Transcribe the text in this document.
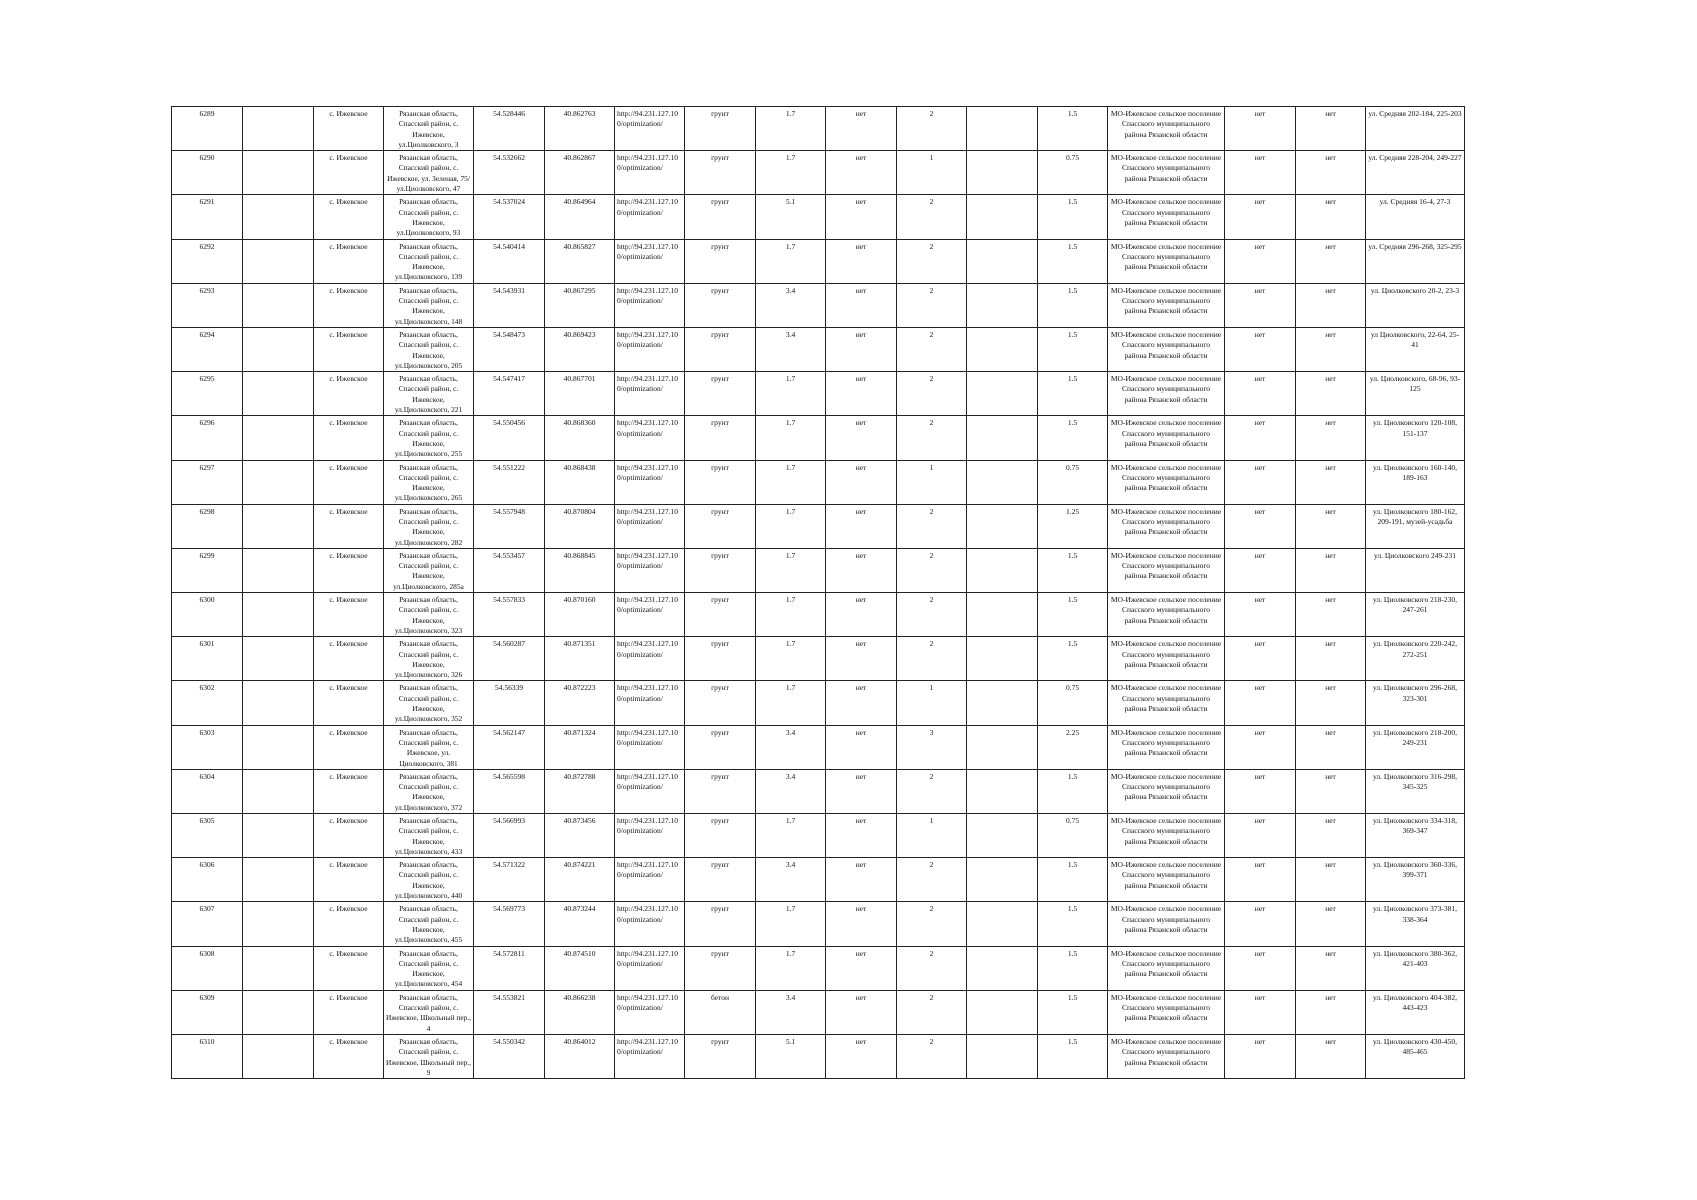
6289		с. Ижевское	Рязанская область, Спасский район, с. Ижевское, ул.Циолковского, 3	54.528446	40.862763	http://94.231.127.10 0/optimization/	грунт	1.7	нет	2		1.5	МО-Ижевское сельское поселение Спасского муниципального района Рязанской области	нет	нет	ул. Средняя 202-184, 225-203
6290		с. Ижевское	Рязанская область, Спасский район, с. Ижевское, ул. Зеленая, 75/ул.Циолковского, 47	54.532662	40.862867	http://94.231.127.10 0/optimization/	грунт	1.7	нет	1		0.75	МО-Ижевское сельское поселение Спасского муниципального района Рязанской области	нет	нет	ул. Средняя 228-204, 249-227
6291		с. Ижевское	Рязанская область, Спасский район, с. Ижевское, ул.Циолковского, 93	54.537024	40.864964	http://94.231.127.10 0/optimization/	грунт	5.1	нет	2		1.5	МО-Ижевское сельское поселение Спасского муниципального района Рязанской области	нет	нет	ул. Средняя 16-4, 27-3
6292		с. Ижевское	Рязанская область, Спасский район, с. Ижевское, ул.Циолковского, 139	54.540414	40.865827	http://94.231.127.10 0/optimization/	грунт	1.7	нет	2		1.5	МО-Ижевское сельское поселение Спасского муниципального района Рязанской области	нет	нет	ул. Средняя 296-268, 325-295
6293		с. Ижевское	Рязанская область, Спасский район, с. Ижевское, ул.Циолковского, 148	54.543931	40.867295	http://94.231.127.10 0/optimization/	грунт	3.4	нет	2		1.5	МО-Ижевское сельское поселение Спасского муниципального района Рязанской области	нет	нет	ул. Циолковского 20-2, 23-3
6294		с. Ижевское	Рязанская область, Спасский район, с. Ижевское, ул.Циолковского, 205	54.548473	40.869423	http://94.231.127.10 0/optimization/	грунт	3.4	нет	2		1.5	МО-Ижевское сельское поселение Спасского муниципального района Рязанской области	нет	нет	ул Циолковского, 22-64, 25-41
6295		с. Ижевское	Рязанская область, Спасский район, с. Ижевское, ул.Циолковского, 221	54.547417	40.867701	http://94.231.127.10 0/optimization/	грунт	1.7	нет	2		1.5	МО-Ижевское сельское поселение Спасского муниципального района Рязанской области	нет	нет	ул. Циолковского, 68-96, 93-125
6296		с. Ижевское	Рязанская область, Спасский район, с. Ижевское, ул.Циолковского, 255	54.550456	40.868360	http://94.231.127.10 0/optimization/	грунт	1.7	нет	2		1.5	МО-Ижевское сельское поселение Спасского муниципального района Рязанской области	нет	нет	ул. Циолковского 120-108, 151-137
6297		с. Ижевское	Рязанская область, Спасский район, с. Ижевское, ул.Циолковского, 265	54.551222	40.868438	http://94.231.127.10 0/optimization/	грунт	1.7	нет	1		0.75	МО-Ижевское сельское поселение Спасского муниципального района Рязанской области	нет	нет	ул. Циолковского 160-140, 189-163
6298		с. Ижевское	Рязанская область, Спасский район, с. Ижевское, ул.Циолковского, 282	54.557948	40.870804	http://94.231.127.10 0/optimization/	грунт	1.7	нет	2		1.25	МО-Ижевское сельское поселение Спасского муниципального района Рязанской области	нет	нет	ул. Циолковского 180-162, 209-191, музей-усадьба
6299		с. Ижевское	Рязанская область, Спасский район, с. Ижевское, ул.Циолковского, 285а	54.553457	40.868845	http://94.231.127.10 0/optimization/	грунт	1.7	нет	2		1.5	МО-Ижевское сельское поселение Спасского муниципального района Рязанской области	нет	нет	ул. Циолковского 249-231
6300		с. Ижевское	Рязанская область, Спасский район, с. Ижевское, ул.Циолковского, 323	54.557833	40.870160	http://94.231.127.10 0/optimization/	грунт	1.7	нет	2		1.5	МО-Ижевское сельское поселение Спасского муниципального района Рязанской области	нет	нет	ул. Циолковского 218-230, 247-261
6301		с. Ижевское	Рязанская область, Спасский район, с. Ижевское, ул.Циолковского, 326	54.560287	40.871351	http://94.231.127.10 0/optimization/	грунт	1.7	нет	2		1.5	МО-Ижевское сельское поселение Спасского муниципального района Рязанской области	нет	нет	ул. Циолковского 220-242, 272-251
6302		с. Ижевское	Рязанская область, Спасский район, с. Ижевское, ул.Циолковского, 352	54.56339	40.872223	http://94.231.127.10 0/optimization/	грунт	1.7	нет	1		0.75	МО-Ижевское сельское поселение Спасского муниципального района Рязанской области	нет	нет	ул. Циолковского 296-268, 323-301
6303		с. Ижевское	Рязанская область, Спасский район, с. Ижевское, ул. Циолковского, 381	54.562147	40.871324	http://94.231.127.10 0/optimization/	грунт	3.4	нет	3		2.25	МО-Ижевское сельское поселение Спасского муниципального района Рязанской области	нет	нет	ул. Циолковского 218-200, 249-231
6304		с. Ижевское	Рязанская область, Спасский район, с. Ижевское, ул.Циолковского, 372	54.565598	40.872788	http://94.231.127.10 0/optimization/	грунт	3.4	нет	2		1.5	МО-Ижевское сельское поселение Спасского муниципального района Рязанской области	нет	нет	ул. Циолковского 316-298, 345-325
6305		с. Ижевское	Рязанская область, Спасский район, с. Ижевское, ул.Циолковского, 433	54.566993	40.873456	http://94.231.127.10 0/optimization/	грунт	1.7	нет	1		0.75	МО-Ижевское сельское поселение Спасского муниципального района Рязанской области	нет	нет	ул. Циолковского 334-318, 369-347
6306		с. Ижевское	Рязанская область, Спасский район, с. Ижевское, ул.Циолковского, 440	54.571322	40.874221	http://94.231.127.10 0/optimization/	грунт	3.4	нет	2		1.5	МО-Ижевское сельское поселение Спасского муниципального района Рязанской области	нет	нет	ул. Циолковского 360-336, 399-371
6307		с. Ижевское	Рязанская область, Спасский район, с. Ижевское, ул.Циолковского, 455	54.569773	40.873244	http://94.231.127.10 0/optimization/	грунт	1.7	нет	2		1.5	МО-Ижевское сельское поселение Спасского муниципального района Рязанской области	нет	нет	ул. Циолковского 373-381, 338-364
6308		с. Ижевское	Рязанская область, Спасский район, с. Ижевское, ул.Циолковского, 454	54.572811	40.874510	http://94.231.127.10 0/optimization/	грунт	1.7	нет	2		1.5	МО-Ижевское сельское поселение Спасского муниципального района Рязанской области	нет	нет	ул. Циолковского 380-362, 421-403
6309		с. Ижевское	Рязанская область, Спасский район, с. Ижевское, Школьный пер., 4	54.553821	40.866238	http://94.231.127.10 0/optimization/	бетон	3.4	нет	2		1.5	МО-Ижевское сельское поселение Спасского муниципального района Рязанской области	нет	нет	ул. Циолковского 404-382, 443-423
6310		с. Ижевское	Рязанская область, Спасский район, с. Ижевское, Школьный пер., 9	54.550342	40.864012	http://94.231.127.10 0/optimization/	грунт	5.1	нет	2		1.5	МО-Ижевское сельское поселение Спасского муниципального района Рязанской области	нет	нет	ул. Циолковского 430-450, 485-465
